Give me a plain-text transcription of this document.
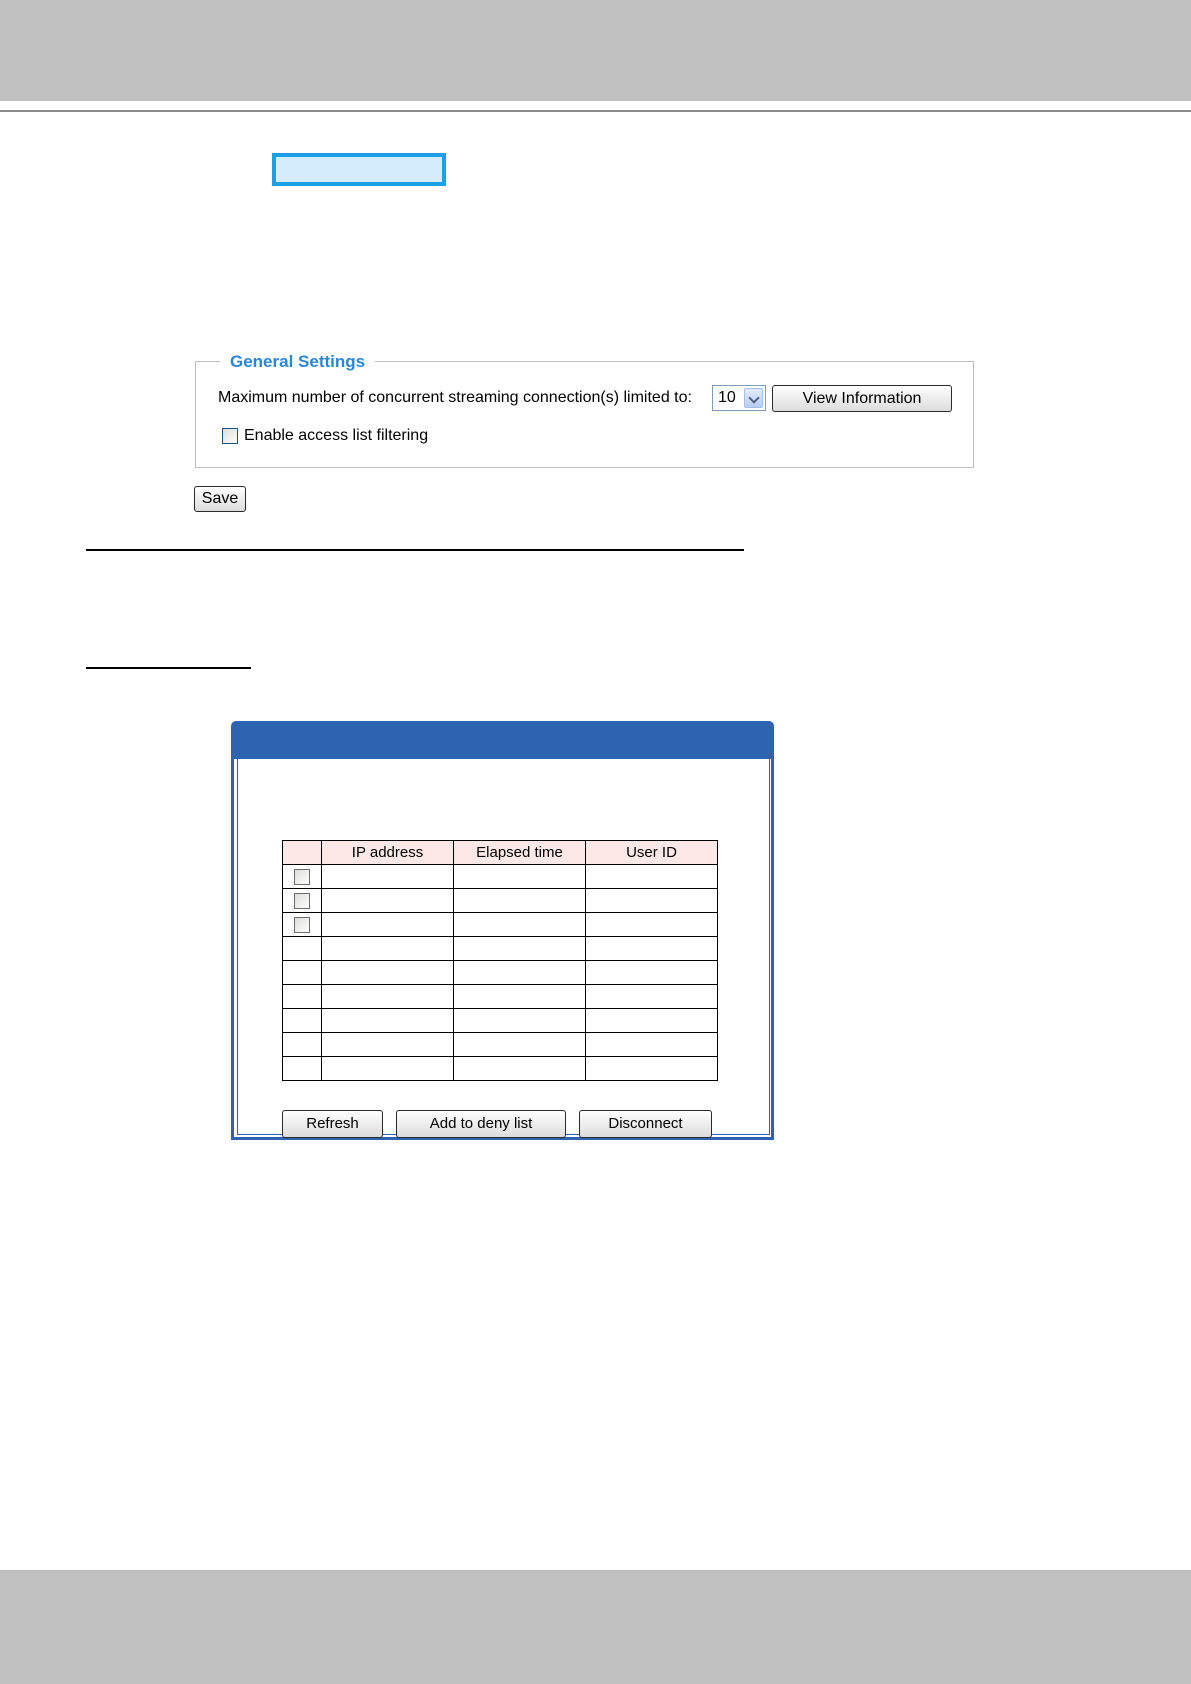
General Settings
Maximum number of concurrent streaming connection(s) limited to: 10	View Information
Enable access list filtering
Save
	IP address	Elapsed time	User ID

Refresh	Add to deny list	Disconnect
